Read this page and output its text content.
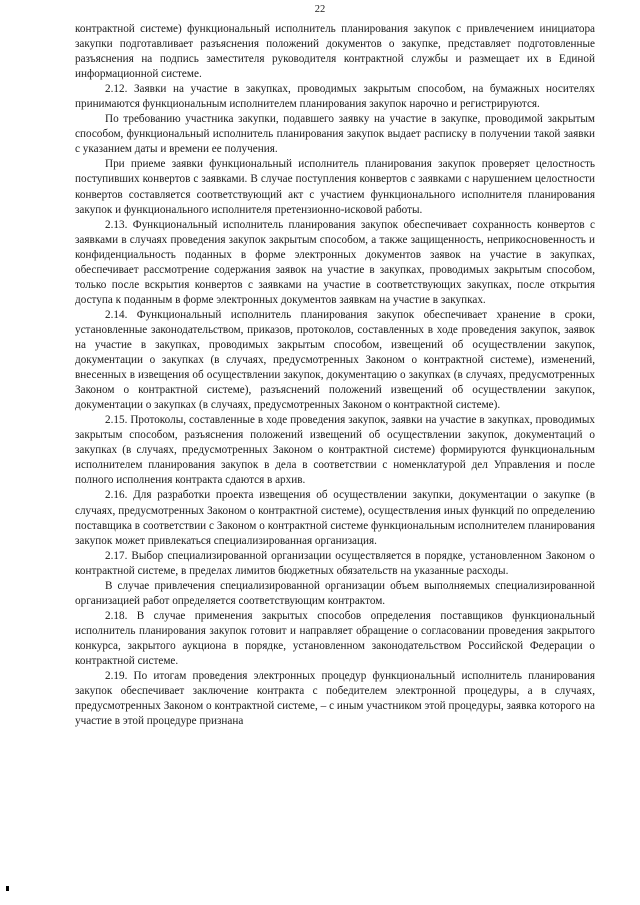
22

контрактной системе) функциональный исполнитель планирования закупок с привлечением инициатора закупки подготавливает разъяснения положений документов о закупке, представляет подготовленные разъяснения на подпись заместителя руководителя контрактной службы и размещает их в Единой информационной системе.

2.12. Заявки на участие в закупках, проводимых закрытым способом, на бумажных носителях принимаются функциональным исполнителем планирования закупок нарочно и регистрируются.

По требованию участника закупки, подавшего заявку на участие в закупке, проводимой закрытым способом, функциональный исполнитель планирования закупок выдает расписку в получении такой заявки с указанием даты и времени ее получения.

При приеме заявки функциональный исполнитель планирования закупок проверяет целостность поступивших конвертов с заявками. В случае поступления конвертов с заявками с нарушением целостности конвертов составляется соответствующий акт с участием функционального исполнителя планирования закупок и функционального исполнителя претензионно-исковой работы.

2.13. Функциональный исполнитель планирования закупок обеспечивает сохранность конвертов с заявками в случаях проведения закупок закрытым способом, а также защищенность, неприкосновенность и конфиденциальность поданных в форме электронных документов заявок на участие в закупках, обеспечивает рассмотрение содержания заявок на участие в закупках, проводимых закрытым способом, только после вскрытия конвертов с заявками на участие в соответствующих закупках, после открытия доступа к поданным в форме электронных документов заявкам на участие в закупках.

2.14. Функциональный исполнитель планирования закупок обеспечивает хранение в сроки, установленные законодательством, приказов, протоколов, составленных в ходе проведения закупок, заявок на участие в закупках, проводимых закрытым способом, извещений об осуществлении закупок, документации о закупках (в случаях, предусмотренных Законом о контрактной системе), изменений, внесенных в извещения об осуществлении закупок, документацию о закупках (в случаях, предусмотренных Законом о контрактной системе), разъяснений положений извещений об осуществлении закупок, документации о закупках (в случаях, предусмотренных Законом о контрактной системе).

2.15. Протоколы, составленные в ходе проведения закупок, заявки на участие в закупках, проводимых закрытым способом, разъяснения положений извещений об осуществлении закупок, документаций о закупках (в случаях, предусмотренных Законом о контрактной системе) формируются функциональным исполнителем планирования закупок в дела в соответствии с номенклатурой дел Управления и после полного исполнения контракта сдаются в архив.

2.16. Для разработки проекта извещения об осуществлении закупки, документации о закупке (в случаях, предусмотренных Законом о контрактной системе), осуществления иных функций по определению поставщика в соответствии с Законом о контрактной системе функциональным исполнителем планирования закупок может привлекаться специализированная организация.

2.17. Выбор специализированной организации осуществляется в порядке, установленном Законом о контрактной системе, в пределах лимитов бюджетных обязательств на указанные расходы.

В случае привлечения специализированной организации объем выполняемых специализированной организацией работ определяется соответствующим контрактом.

2.18. В случае применения закрытых способов определения поставщиков функциональный исполнитель планирования закупок готовит и направляет обращение о согласовании проведения закрытого конкурса, закрытого аукциона в порядке, установленном законодательством Российской Федерации о контрактной системе.

2.19. По итогам проведения электронных процедур функциональный исполнитель планирования закупок обеспечивает заключение контракта с победителем электронной процедуры, а в случаях, предусмотренных Законом о контрактной системе, – с иным участником этой процедуры, заявка которого на участие в этой процедуре признана
